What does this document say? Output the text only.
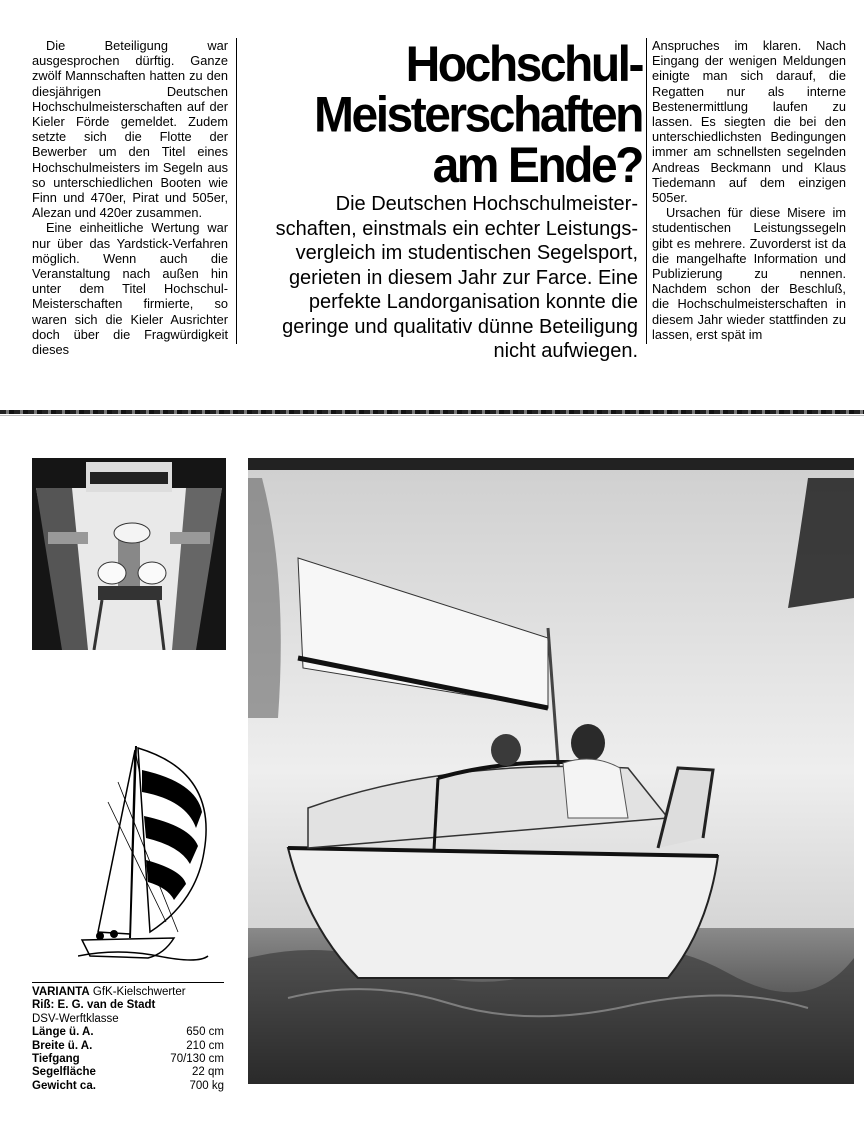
Die Beteiligung war ausgesprochen dürftig. Ganze zwölf Mannschaften hatten zu den diesjährigen Deutschen Hochschulmeisterschaften auf der Kieler Förde gemeldet. Zudem setzte sich die Flotte der Bewerber um den Titel eines Hochschulmeisters im Segeln aus so unterschiedlichen Booten wie Finn und 470er, Pirat und 505er, Alezan und 420er zusammen.

Eine einheitliche Wertung war nur über das Yardstick-Verfahren möglich. Wenn auch die Veranstaltung nach außen hin unter dem Titel Hochschul-Meisterschaften firmierte, so waren sich die Kieler Ausrichter doch über die Fragwürdigkeit dieses

Hochschul-
Meisterschaften
am Ende?
Die Deutschen Hochschulmeister-
schaften, einstmals ein echter Leistungs-
vergleich im studentischen Segelsport,
gerieten in diesem Jahr zur Farce. Eine
perfekte Landorganisation konnte die
geringe und qualitativ dünne Beteiligung
nicht aufwiegen.

Anspruches im klaren. Nach Eingang der wenigen Meldungen einigte man sich darauf, die Regatten nur als interne Bestenermittlung laufen zu lassen. Es siegten die bei den unterschiedlichsten Bedingungen immer am schnellsten segelnden Andreas Beckmann und Klaus Tiedemann auf dem einzigen 505er.

Ursachen für diese Misere im studentischen Leistungssegeln gibt es mehrere. Zuvorderst ist da die mangelhafte Information und Publizierung zu nennen. Nachdem schon der Beschluß, die Hochschulmeisterschaften in diesem Jahr wieder stattfinden zu lassen, erst spät im

VARIANTA GfK-Kielschwerter
Riß: E. G. van de Stadt
DSV-Werftklasse
Länge ü. A.	650 cm
Breite ü. A.	210 cm
Tiefgang	70/130 cm
Segelfläche	22 qm
Gewicht ca.	700 kg
